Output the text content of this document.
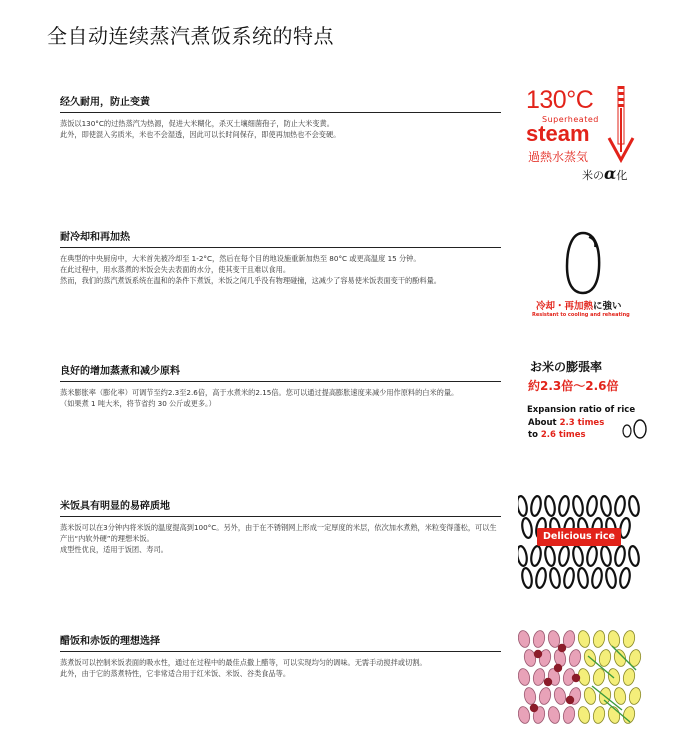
全自动连续蒸汽煮饭系统的特点
经久耐用，防止变黄

蒸饭以130°C的过热蒸汽为热源，促进大米糊化，杀灭土壤细菌孢子，防止大米变黄。

此外，即使混入劣质米，米也不会湿透，因此可以长时间保存，即使再加热也不会变硬。

耐冷却和再加热

在典型的中央厨房中，大米首先被冷却至 1-2°C，然后在每个目的地设施重新加热至 80°C 或更高温度 15 分钟。

在此过程中，用水蒸煮的米饭会失去表面的水分，使其变干且难以食用。

然而，我们的蒸汽煮饭系统在温和的条件下煮饭，米饭之间几乎没有物理碰撞，这减少了容易使米饭表面变干的酚料量。

良好的增加蒸煮和减少原料

蒸米膨胀率（膨化率）可调节至约2.3至2.6倍，高于水煮米的2.15倍。您可以通过提高膨胀速度来减少用作原料的白米的量。

（如果煮 1 吨大米，将节省约 30 公斤或更多。）

米饭具有明显的易碎质地

蒸米饭可以在3分钟内将米饭的温度提高到100°C。另外，由于在不锈钢网上形成一定厚度的米层，依次加水煮熟，米粒变得蓬松，可以生产出“内软外硬”的理想米饭。

成型性优良，适用于饭团、寿司。

醋饭和赤饭的理想选择

蒸煮饭可以控制米饭表面的吸水性，通过在过程中的最佳点撒上醋等，可以实现均匀的调味。无需手动搅拌或切割。

此外，由于它的蒸煮特性，它非常适合用于红米饭、米饭、谷类食品等。

130°C
Superheated
steam
過熱水蒸気
米のα化
冷却・再加熱に強い
Resistant to cooling and reheating
お米の膨張率
約2.3倍〜2.6倍
Expansion ratio of rice
About 2.3 times
to 2.6 times
Delicious rice
